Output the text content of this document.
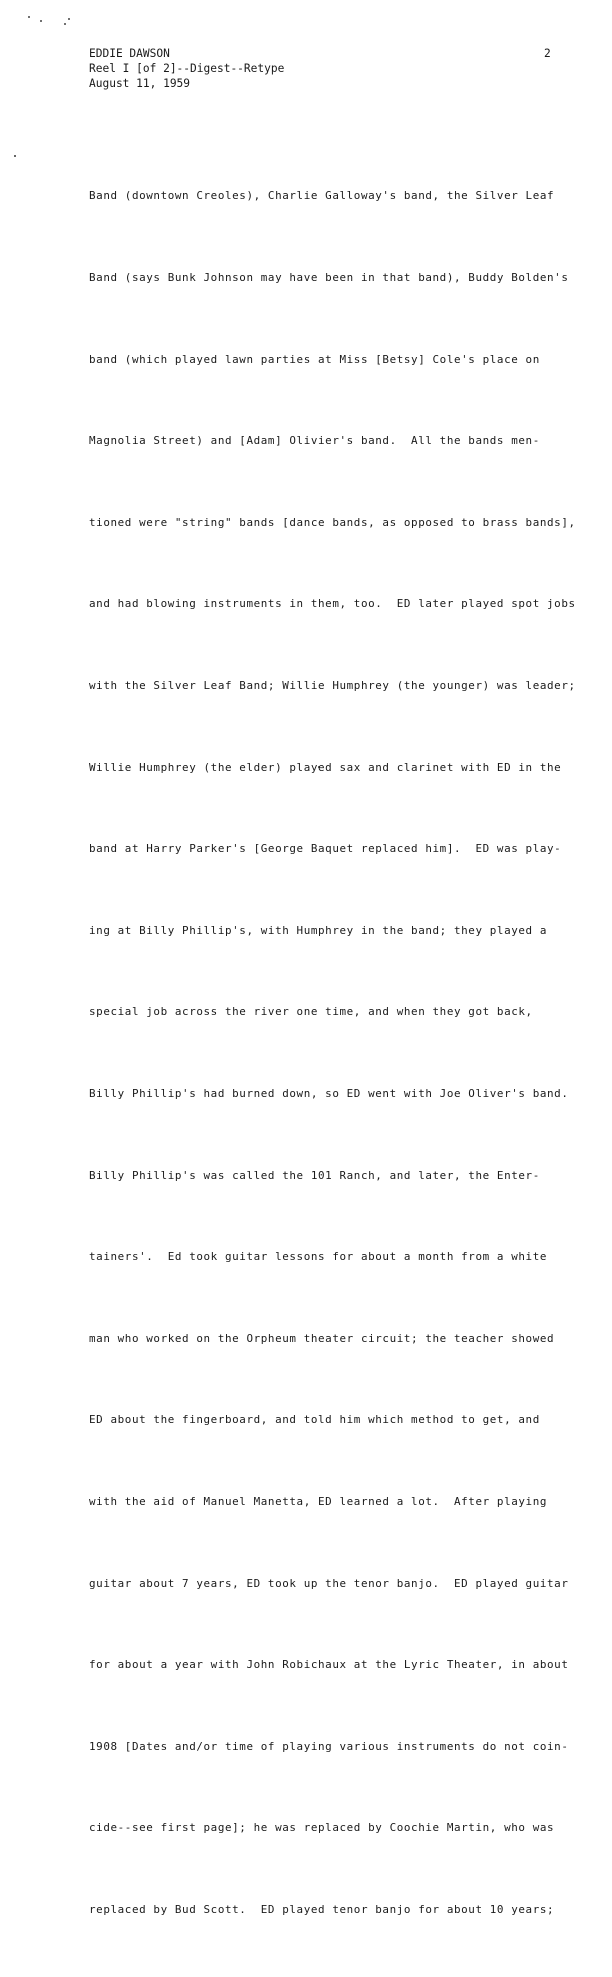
EDDIE DAWSON
Reel I [of 2]--Digest--Retype
August 11, 1959
2

Band (downtown Creoles), Charlie Galloway's band, the Silver Leaf

Band (says Bunk Johnson may have been in that band), Buddy Bolden's

band (which played lawn parties at Miss [Betsy] Cole's place on

Magnolia Street) and [Adam] Olivier's band.  All the bands men-

tioned were "string" bands [dance bands, as opposed to brass bands],

and had blowing instruments in them, too.  ED later played spot jobs

with the Silver Leaf Band; Willie Humphrey (the younger) was leader;

Willie Humphrey (the elder) played sax and clarinet with ED in the

band at Harry Parker's [George Baquet replaced him].  ED was play-

ing at Billy Phillip's, with Humphrey in the band; they played a

special job across the river one time, and when they got back,

Billy Phillip's had burned down, so ED went with Joe Oliver's band.

Billy Phillip's was called the 101 Ranch, and later, the Enter-

tainers'.  Ed took guitar lessons for about a month from a white

man who worked on the Orpheum theater circuit; the teacher showed

ED about the fingerboard, and told him which method to get, and

with the aid of Manuel Manetta, ED learned a lot.  After playing

guitar about 7 years, ED took up the tenor banjo.  ED played guitar

for about a year with John Robichaux at the Lyric Theater, in about

1908 [Dates and/or time of playing various instruments do not coin-

cide--see first page]; he was replaced by Coochie Martin, who was

replaced by Bud Scott.  ED played tenor banjo for about 10 years;
